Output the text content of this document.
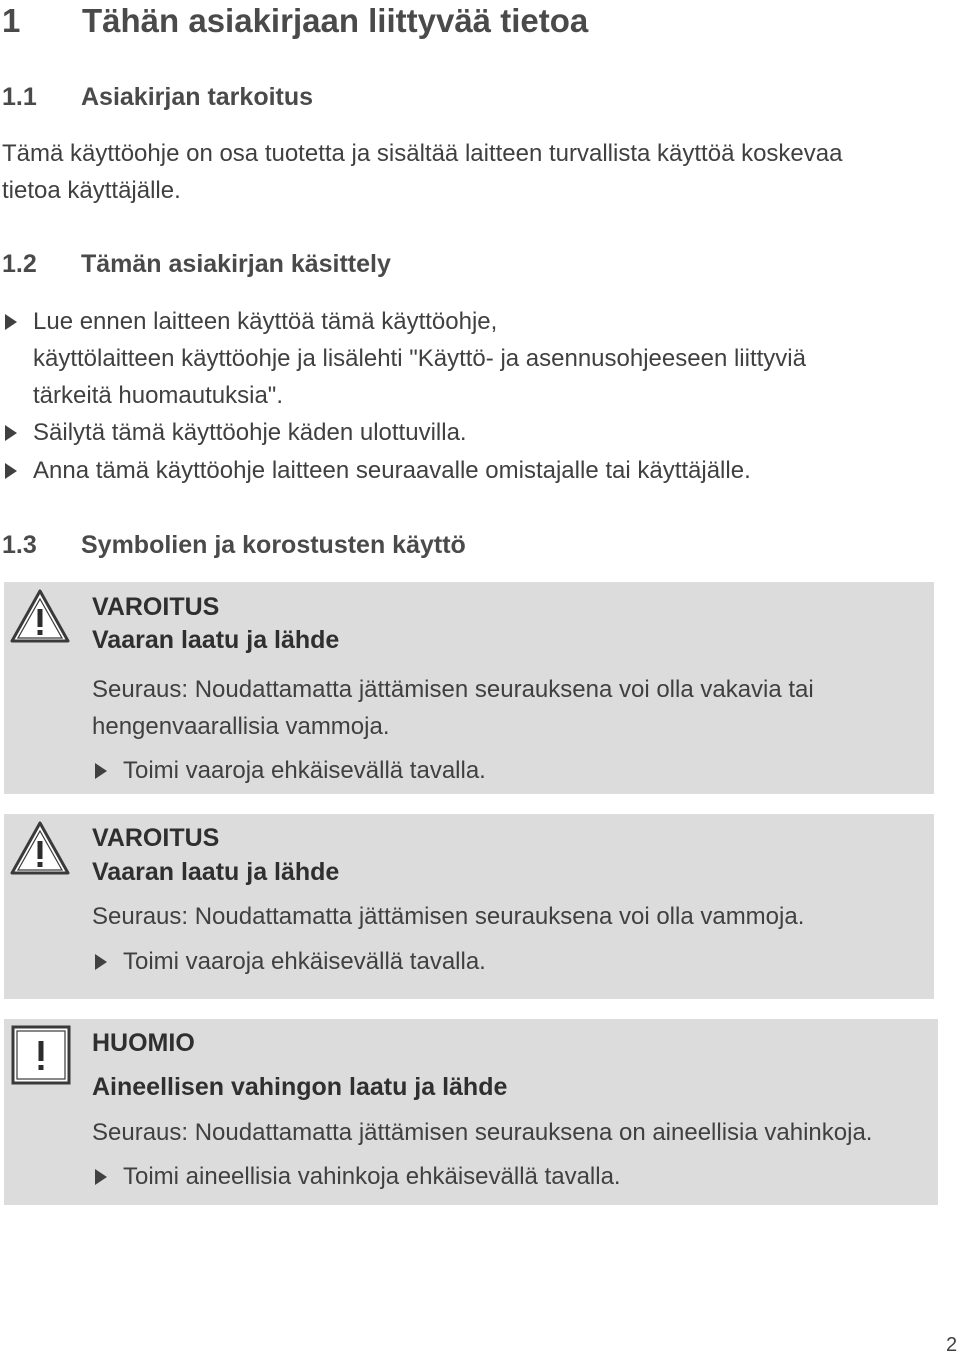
1 Tähän asiakirjaan liittyvää tietoa
1.1 Asiakirjan tarkoitus
Tämä käyttöohje on osa tuotetta ja sisältää laitteen turvallista käyttöä koskevaa
tietoa käyttäjälle.
1.2 Tämän asiakirjan käsittely
Lue ennen laitteen käyttöä tämä käyttöohje,
käyttölaitteen käyttöohje ja lisälehti "Käyttö- ja asennusohjeeseen liittyviä
tärkeitä huomautuksia".
Säilytä tämä käyttöohje käden ulottuvilla.
Anna tämä käyttöohje laitteen seuraavalle omistajalle tai käyttäjälle.
1.3 Symbolien ja korostusten käyttö
VAROITUS
Vaaran laatu ja lähde
Seuraus: Noudattamatta jättämisen seurauksena voi olla vakavia tai
hengenvaarallisia vammoja.
Toimi vaaroja ehkäisevällä tavalla.
VAROITUS
Vaaran laatu ja lähde
Seuraus: Noudattamatta jättämisen seurauksena voi olla vammoja.
Toimi vaaroja ehkäisevällä tavalla.
HUOMIO
Aineellisen vahingon laatu ja lähde
Seuraus: Noudattamatta jättämisen seurauksena on aineellisia vahinkoja.
Toimi aineellisia vahinkoja ehkäisevällä tavalla.
2
